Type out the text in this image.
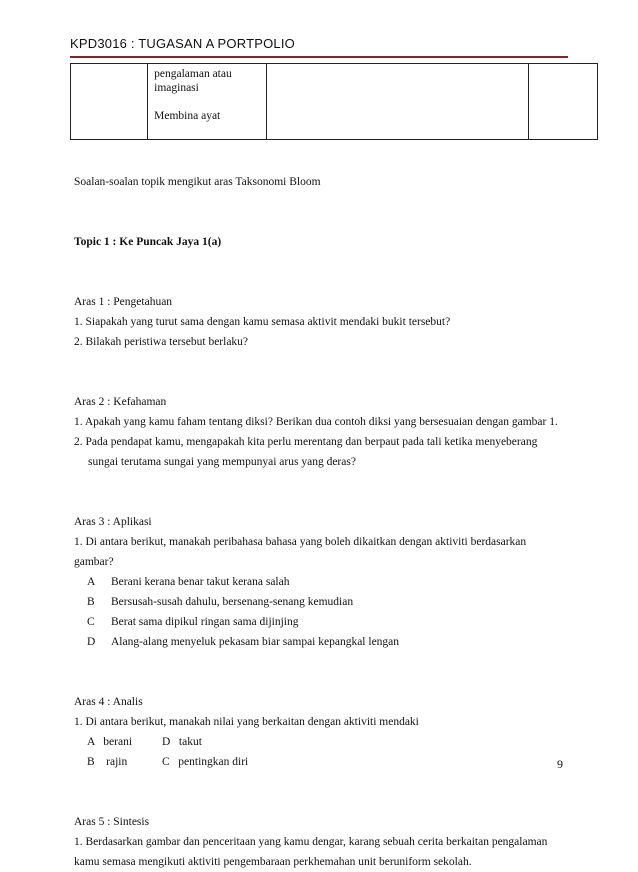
KPD3016 : TUGASAN A PORTPOLIO

pengalaman atau

imaginasi

Membina ayat

Soalan-soalan topik mengikut aras Taksonomi Bloom

Topic 1 : Ke Puncak Jaya 1(a)

Aras 1 : Pengetahuan

1. Siapakah yang turut sama dengan kamu semasa aktivit mendaki bukit tersebut?

2. Bilakah peristiwa tersebut berlaku?

Aras 2 : Kefahaman

1. Apakah yang kamu faham tentang diksi? Berikan dua contoh diksi yang bersesuaian dengan gambar 1.

2. Pada pendapat kamu, mengapakah kita perlu merentang dan berpaut pada tali ketika menyeberang

sungai terutama sungai yang mempunyai arus yang deras?

Aras 3 : Aplikasi

1. Di antara berikut, manakah peribahasa bahasa yang boleh dikaitkan dengan aktiviti berdasarkan

gambar?

A	Berani kerana benar takut kerana salah
B	Bersusah-susah dahulu, bersenang-senang kemudian
C	Berat sama dipikul ringan sama dijinjing
D	Alang-alang menyeluk pekasam biar sampai kepangkal lengan

Aras 4 : Analis

1. Di antara berikut, manakah nilai yang berkaitan dengan aktiviti mendaki

A   berani	D   takut
B    rajin	C   pentingkan diri

Aras 5 : Sintesis

1. Berdasarkan gambar dan penceritaan yang kamu dengar, karang sebuah cerita berkaitan pengalaman

kamu semasa mengikuti aktiviti pengembaraan perkhemahan unit beruniform sekolah.

9
